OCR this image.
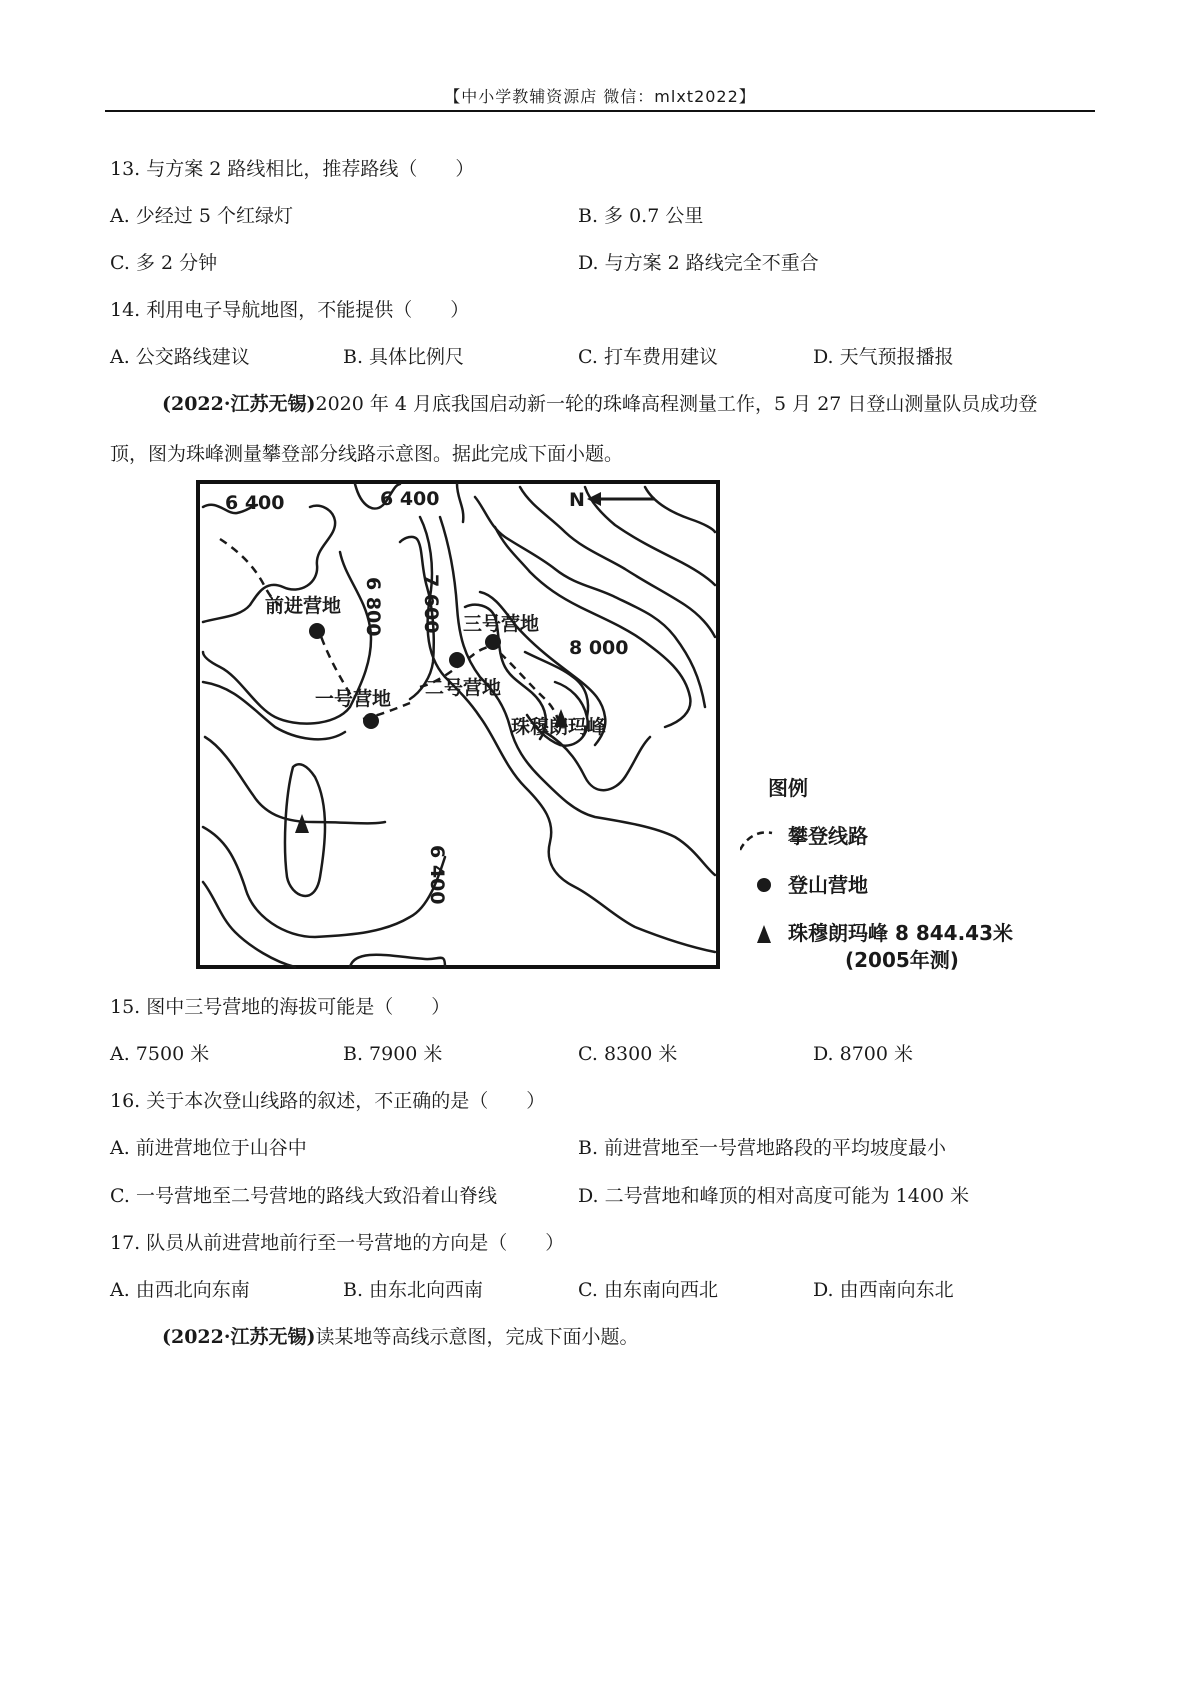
【中小学教辅资源店 微信：mlxt2022】
13. 与方案 2 路线相比，推荐路线（　　）
A. 少经过 5 个红绿灯	B. 多 0.7 公里
C. 多 2 分钟	D. 与方案 2 路线完全不重合
14. 利用电子导航地图，不能提供（　　）
A. 公交路线建议	B. 具体比例尺	C. 打车费用建议	D. 天气预报播报
(2022·江苏无锡)2020 年 4 月底我国启动新一轮的珠峰高程测量工作，5 月 27 日登山测量队员成功登
顶，图为珠峰测量攀登部分线路示意图。据此完成下面小题。
N
6 400	6 400
6 800 7 600
8 000
6 400
前进营地
一号营地 二号营地
三号营地
珠穆朗玛峰
图例
攀登线路
登山营地
珠穆朗玛峰 8 844.43米
(2005年测)
15. 图中三号营地的海拔可能是（　　）
A. 7500 米	B. 7900 米	C. 8300 米	D. 8700 米
16. 关于本次登山线路的叙述，不正确的是（　　）
A. 前进营地位于山谷中	B. 前进营地至一号营地路段的平均坡度最小
C. 一号营地至二号营地的路线大致沿着山脊线	D. 二号营地和峰顶的相对高度可能为 1400 米
17. 队员从前进营地前行至一号营地的方向是（　　）
A. 由西北向东南	B. 由东北向西南	C. 由东南向西北	D. 由西南向东北
(2022·江苏无锡)读某地等高线示意图，完成下面小题。
